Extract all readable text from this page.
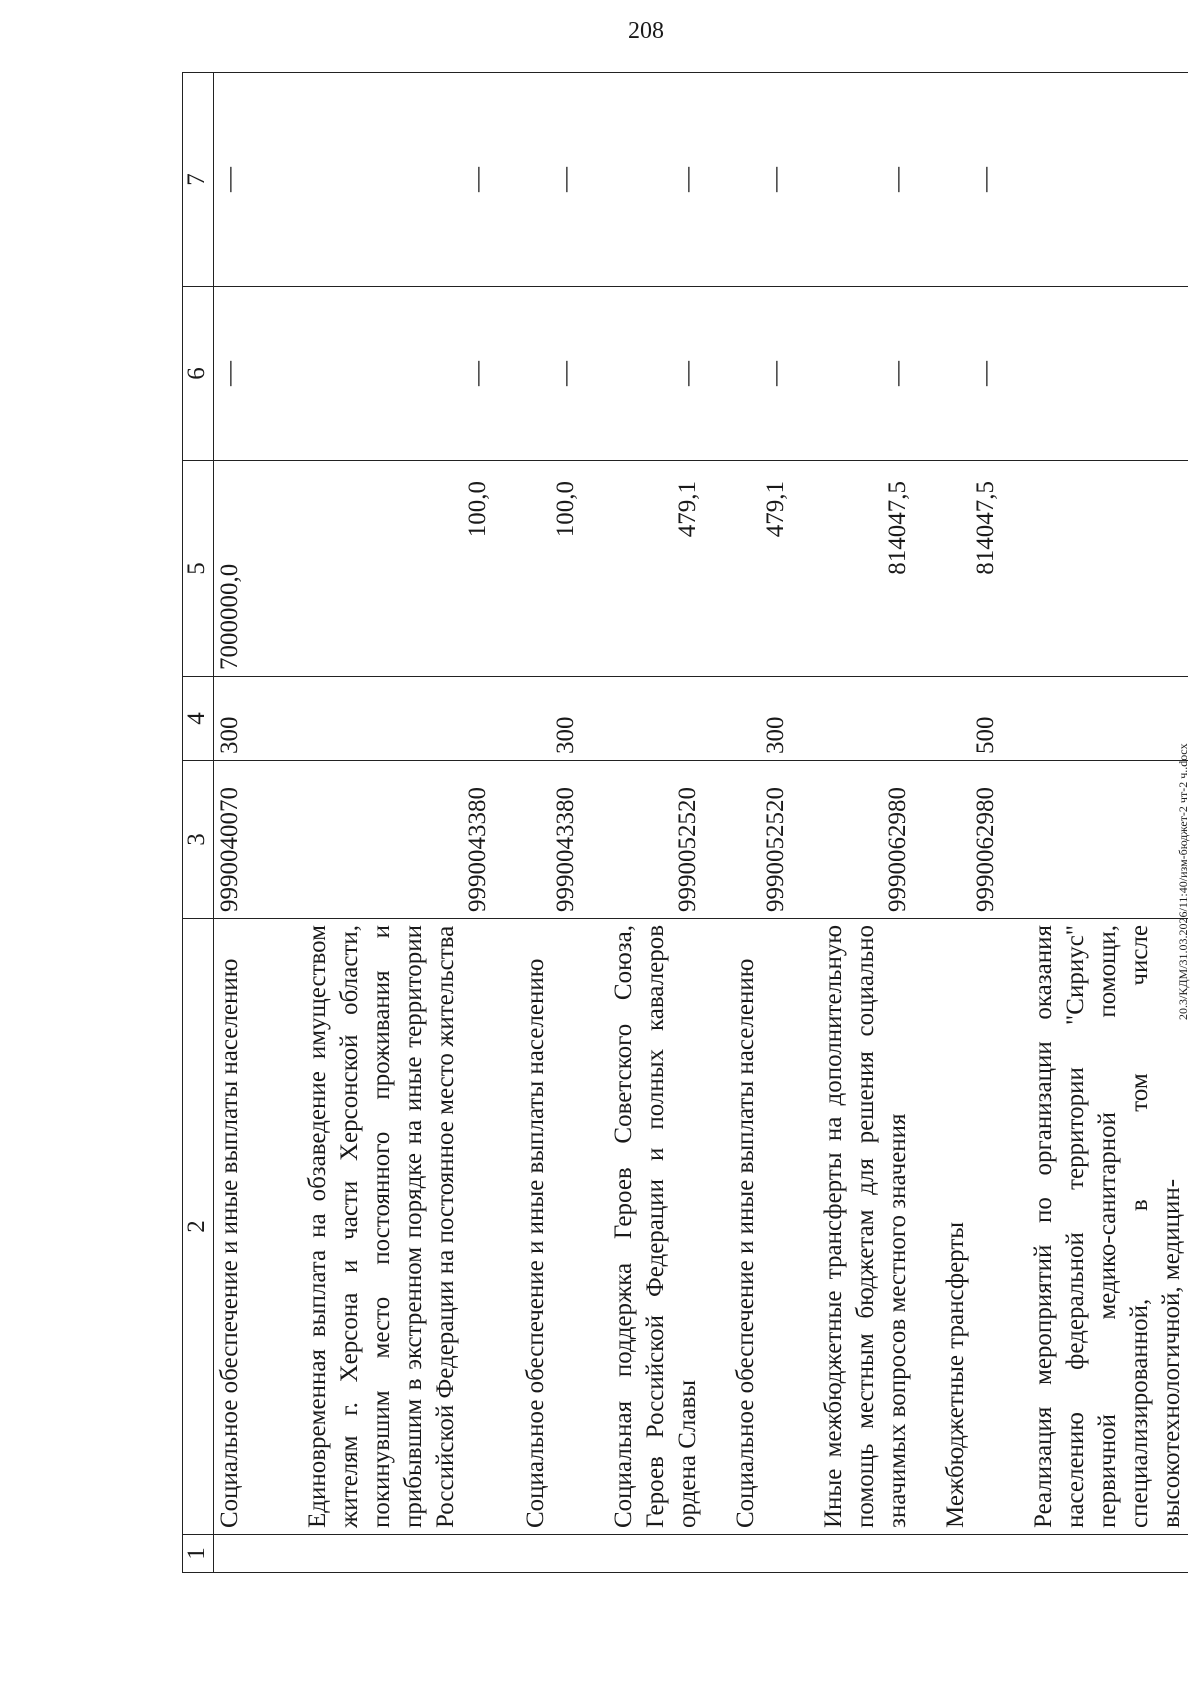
208
1	2	3	4	5	6	7
	Социальное обеспечение и иные выплаты населению	9990040070	300	7000000,0	—	—

	Единовременная выплата на обзаведение имуществом жителям г. Херсона и части Херсонской области, покинувшим место постоянного проживания и прибывшим в экстренном порядке на иные территории Российской Федерации на постоянное место жительства	9990043380		100,0	—	—

	Социальное обеспечение и иные выплаты населению	9990043380	300	100,0	—	—

	Социальная поддержка Героев Советского Союза, Героев Российской Федерации и полных кавалеров ордена Славы	9990052520		479,1	—	—

	Социальное обеспечение и иные выплаты населению	9990052520	300	479,1	—	—

	Иные межбюджетные трансферты на дополнительную помощь местным бюджетам для решения социально значимых вопросов местного значения	9990062980		814047,5	—	—

	Межбюджетные трансферты	9990062980	500	814047,5	—	—

	Реализация мероприятий по организации оказания населению федеральной территории "Сириус" первичной медико-санитарной помощи, специализированной, в том числе высокотехнологичной, медицин-					
20.3/КДМ/31.03.2026/11:40/изм-бюджет-2 чт-2 ч..docx
